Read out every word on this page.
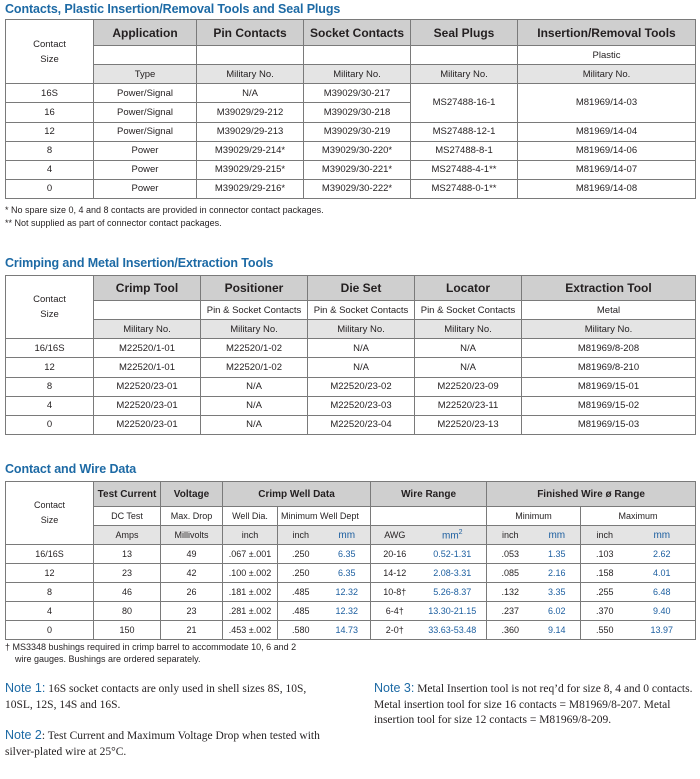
Contacts, Plastic Insertion/Removal Tools and Seal Plugs
Contact Size	Application	Pin Contacts	Socket Contacts	Seal Plugs	Insertion/Removal Tools
					Plastic
	Type	Military No.	Military No.	Military No.	Military No.
16S	Power/Signal	N/A	M39029/30-217	MS27488-16-1	M81969/14-03
16	Power/Signal	M39029/29-212	M39029/30-218		
12	Power/Signal	M39029/29-213	M39029/30-219	MS27488-12-1	M81969/14-04
8	Power	M39029/29-214*	M39029/30-220*	MS27488-8-1	M81969/14-06
4	Power	M39029/29-215*	M39029/30-221*	MS27488-4-1**	M81969/14-07
0	Power	M39029/29-216*	M39029/30-222*	MS27488-0-1**	M81969/14-08
* No spare size 0, 4 and 8 contacts are provided in connector contact packages.
** Not supplied as part of connector contact packages.
Crimping and Metal Insertion/Extraction Tools
Contact Size	Crimp Tool	Positioner	Die Set	Locator	Extraction Tool
		Pin & Socket Contacts	Pin & Socket Contacts	Pin & Socket Contacts	Metal
	Military No.	Military No.	Military No.	Military No.	Military No.
16/16S	M22520/1-01	M22520/1-02	N/A	N/A	M81969/8-208
12	M22520/1-01	M22520/1-02	N/A	N/A	M81969/8-210
8	M22520/23-01	N/A	M22520/23-02	M22520/23-09	M81969/15-01
4	M22520/23-01	N/A	M22520/23-03	M22520/23-11	M81969/15-02
0	M22520/23-01	N/A	M22520/23-04	M22520/23-13	M81969/15-03
Contact and Wire Data
Contact Size	Test Current	Voltage	Crimp Well Data			Wire Range		Finished Wire ø Range			
	DC Test	Max. Drop	Well Dia.	Minimum Well Dept				Minimum		Maximum	
	Amps	Millivolts	inch	inch	mm	AWG	$mm^2$	inch	mm	inch	mm
16/16S	13	49	.067 ±.001	.250	6.35	20-16	0.52-1.31	.053	1.35	.103	2.62
12	23	42	.100 ±.002	.250	6.35	14-12	2.08-3.31	.085	2.16	.158	4.01
8	46	26	.181 ±.002	.485	12.32	10-8†	5.26-8.37	.132	3.35	.255	6.48
4	80	23	.281 ±.002	.485	12.32	6-4†	13.30-21.15	.237	6.02	.370	9.40
0	150	21	.453 ±.002	.580	14.73	2-0†	33.63-53.48	.360	9.14	.550	13.97
† MS3348 bushings required in crimp barrel to accommodate 10, 6 and 2
wire gauges. Bushings are ordered separately.
Note 1: 16S socket contacts are only used in shell sizes 8S, 10S, 10SL, 12S, 14S and 16S.
Note 2: Test Current and Maximum Voltage Drop when tested with silver-plated wire at 25°C.
Note 3: Metal Insertion tool is not req’d for size 8, 4 and 0 contacts. Metal insertion tool for size 16 contacts = M81969/8-207. Metal insertion tool for size 12 contacts = M81969/8-209.
